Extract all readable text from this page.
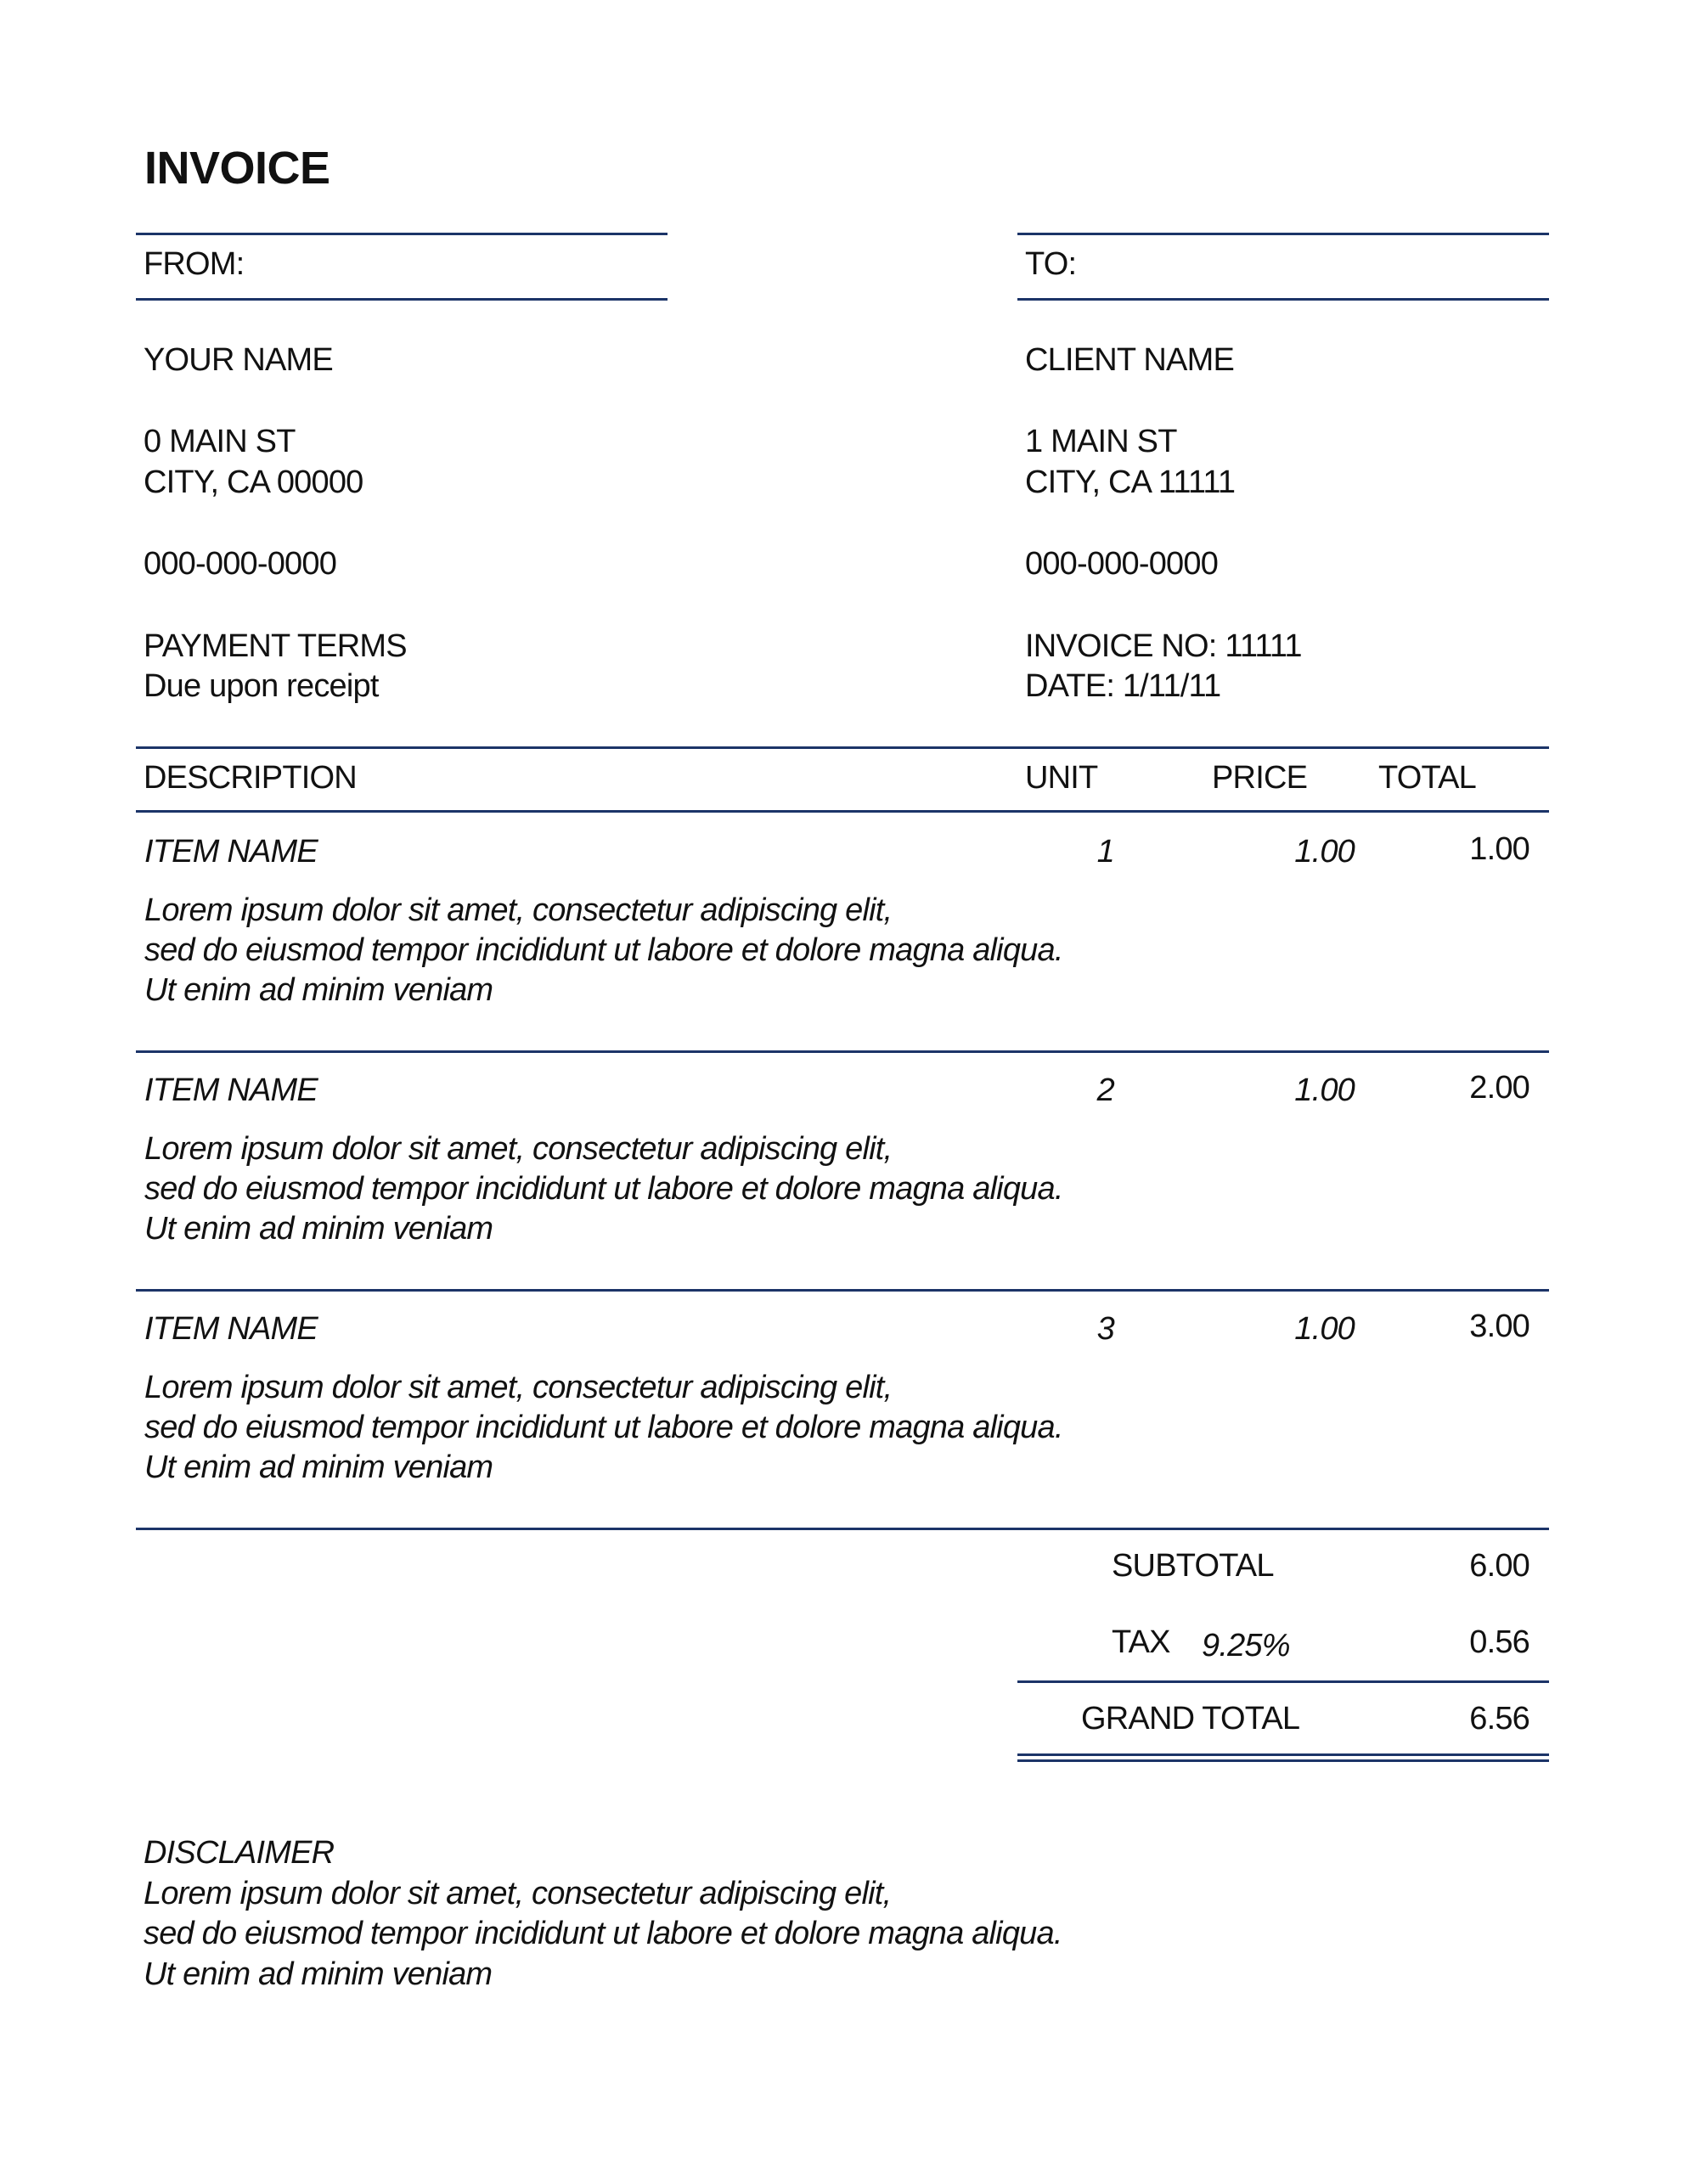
INVOICE
FROM:
YOUR NAME
0 MAIN ST
CITY, CA 00000
000-000-0000
PAYMENT TERMS
Due upon receipt
TO:
CLIENT NAME
1 MAIN ST
CITY, CA 11111
000-000-0000
INVOICE NO: 11111
DATE: 1/11/11
DESCRIPTION	UNIT	PRICE TOTAL
ITEM NAME	1	1.00	1.00
Lorem ipsum dolor sit amet, consectetur adipiscing elit,
sed do eiusmod tempor incididunt ut labore et dolore magna aliqua.
Ut enim ad minim veniam
ITEM NAME	2	1.00	2.00
Lorem ipsum dolor sit amet, consectetur adipiscing elit,
sed do eiusmod tempor incididunt ut labore et dolore magna aliqua.
Ut enim ad minim veniam
ITEM NAME	3	1.00	3.00
Lorem ipsum dolor sit amet, consectetur adipiscing elit,
sed do eiusmod tempor incididunt ut labore et dolore magna aliqua.
Ut enim ad minim veniam
SUBTOTAL	6.00
TAX 9.25%	0.56
GRAND TOTAL	6.56
DISCLAIMER
Lorem ipsum dolor sit amet, consectetur adipiscing elit,
sed do eiusmod tempor incididunt ut labore et dolore magna aliqua.
Ut enim ad minim veniam
